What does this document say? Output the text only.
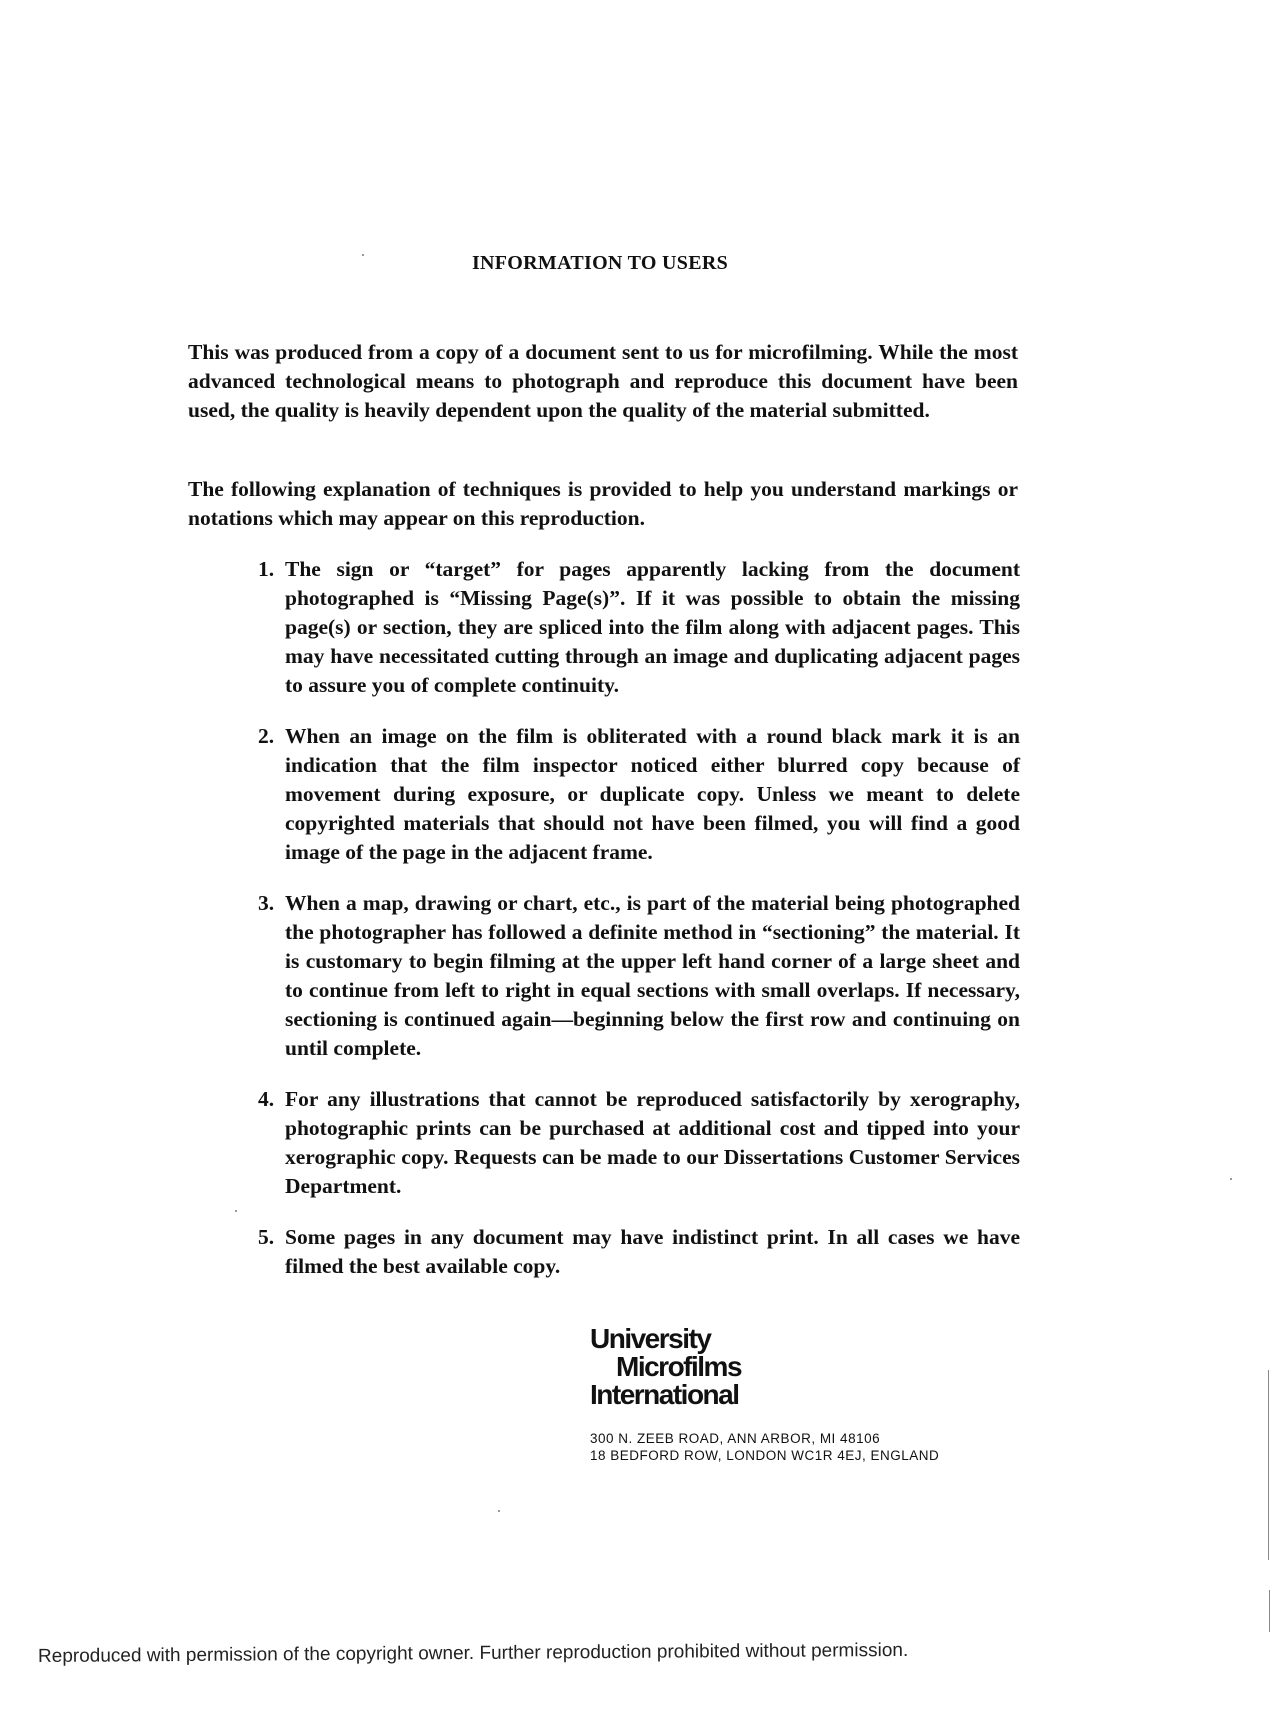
INFORMATION TO USERS
This was produced from a copy of a document sent to us for microfilming. While the most advanced technological means to photograph and reproduce this document have been used, the quality is heavily dependent upon the quality of the material submitted.
The following explanation of techniques is provided to help you understand markings or notations which may appear on this reproduction.
1. The sign or “target” for pages apparently lacking from the document photographed is “Missing Page(s)”. If it was possible to obtain the missing page(s) or section, they are spliced into the film along with adjacent pages. This may have necessitated cutting through an image and duplicating adjacent pages to assure you of complete continuity.
2. When an image on the film is obliterated with a round black mark it is an indication that the film inspector noticed either blurred copy because of movement during exposure, or duplicate copy. Unless we meant to delete copyrighted materials that should not have been filmed, you will find a good image of the page in the adjacent frame.
3. When a map, drawing or chart, etc., is part of the material being photographed the photographer has followed a definite method in “sectioning” the material. It is customary to begin filming at the upper left hand corner of a large sheet and to continue from left to right in equal sections with small overlaps. If necessary, sectioning is continued again—beginning below the first row and continuing on until complete.
4. For any illustrations that cannot be reproduced satisfactorily by xerography, photographic prints can be purchased at additional cost and tipped into your xerographic copy. Requests can be made to our Dissertations Customer Services Department.
5. Some pages in any document may have indistinct print. In all cases we have filmed the best available copy.
University
Microfilms
International
300 N. ZEEB ROAD, ANN ARBOR, MI 48106
18 BEDFORD ROW, LONDON WC1R 4EJ, ENGLAND
Reproduced with permission of the copyright owner. Further reproduction prohibited without permission.
